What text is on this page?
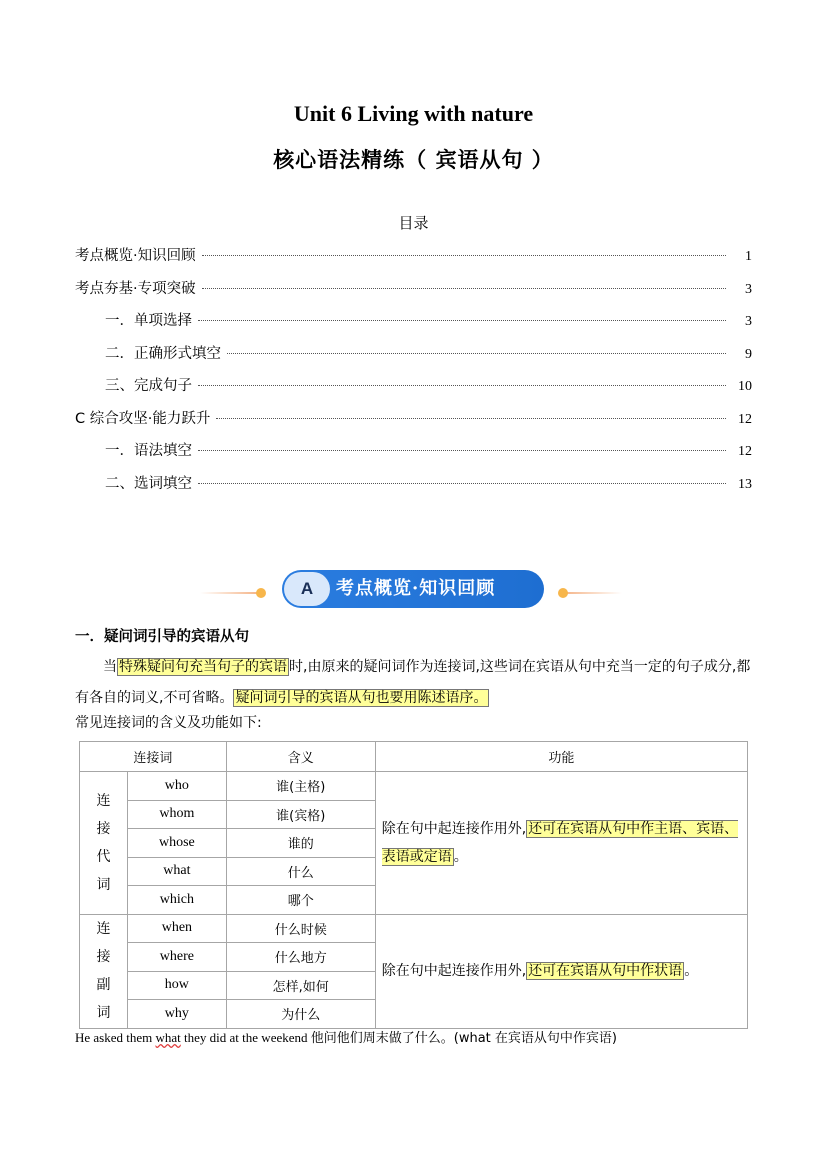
Unit 6 Living with nature
核心语法精练（ 宾语从句 ）
目录
考点概览·知识回顾	1
考点夯基·专项突破	3
一．单项选择	3
二．正确形式填空	9
三、完成句子	10
C 综合攻坚·能力跃升	12
一．语法填空	12
二、选词填空	13
A	考点概览·知识回顾
一．疑问词引导的宾语从句
当 特殊疑问句充当句子的宾语 时,由原来的疑问词作为连接词,这些词在宾语从句中充当一定的句子成分,都有各自的词义,不可省略。 疑问词引导的宾语从句也要用陈述语序。
常见连接词的含义及功能如下:
连接词		含义	功能

连接代词	who	谁(主格)	除在句中起连接作用外, 还可在宾语从句中作主语、宾语、表语或定语 。
	whom	谁(宾格)	
	whose	谁的	
	what	什么	
	which	哪个	

连接副词	when	什么时候	除在句中起连接作用外, 还可在宾语从句中作状语 。
	where	什么地方	
	how	怎样,如何	
	why	为什么	
He asked them what they did at the weekend 他问他们周末做了什么。(what 在宾语从句中作宾语)
